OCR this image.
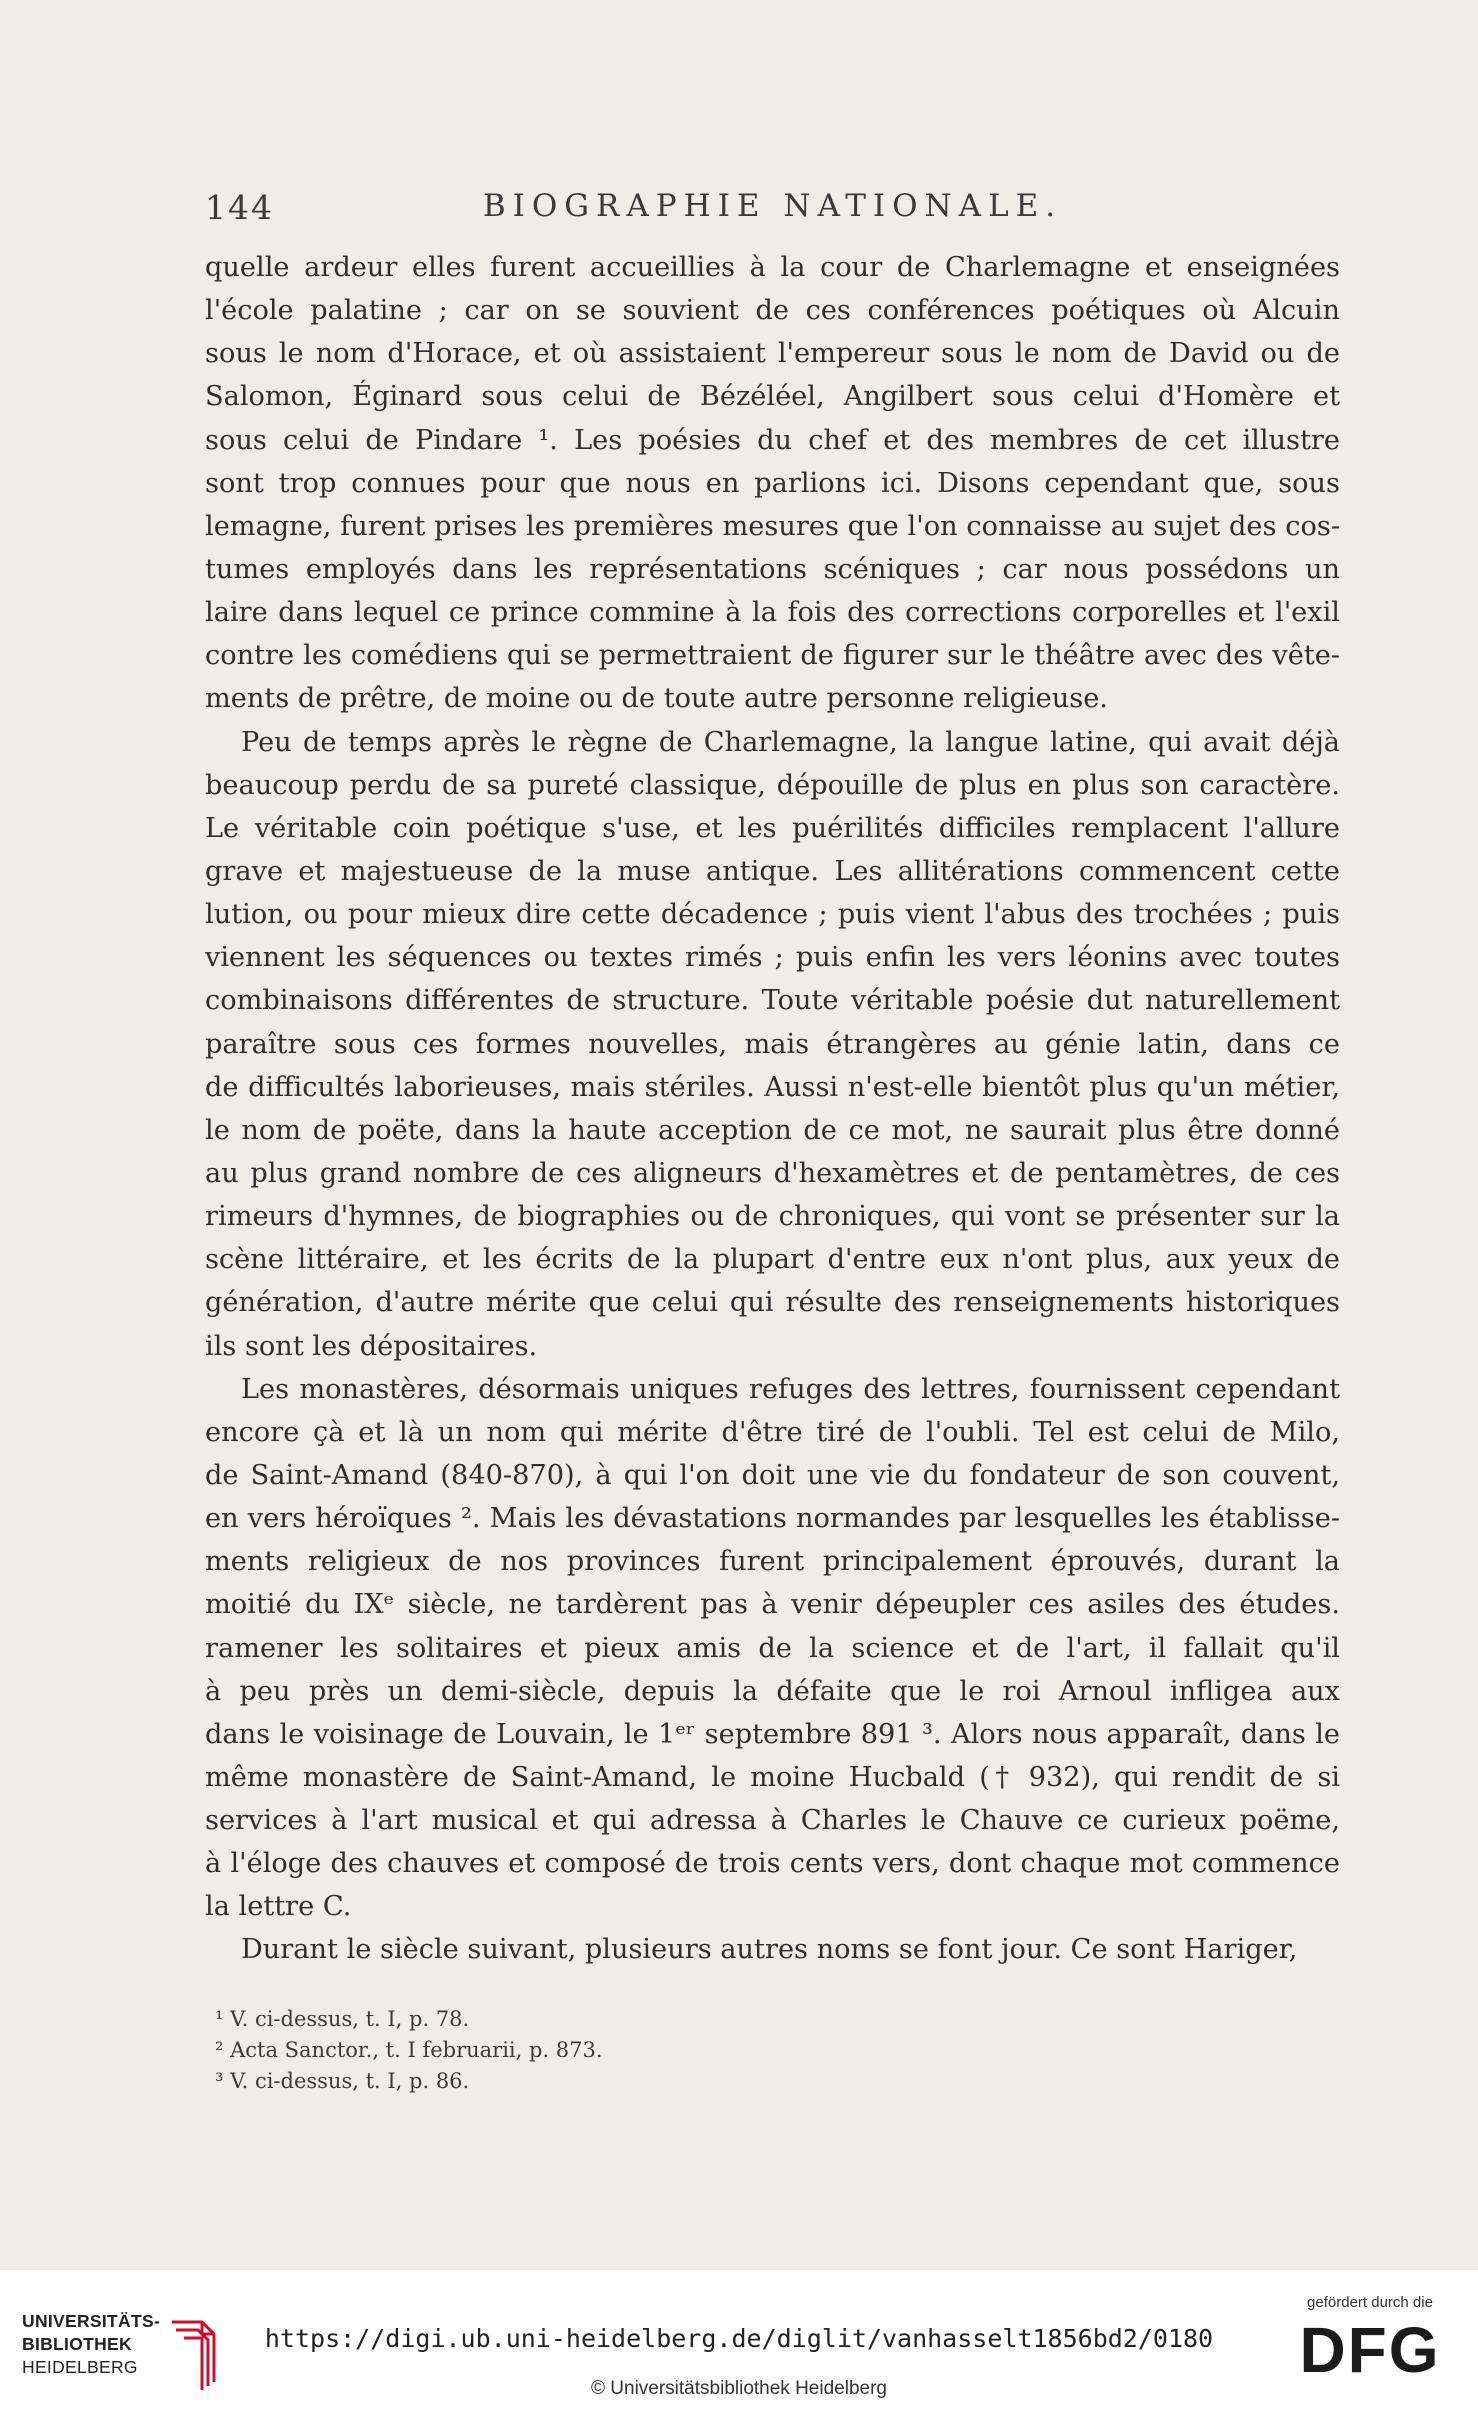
144	BIOGRAPHIE NATIONALE.
quelle ardeur elles furent accueillies à la cour de Charlemagne et enseignées
l'école palatine ; car on se souvient de ces conférences poétiques où Alcuin
sous le nom d'Horace, et où assistaient l'empereur sous le nom de David ou de
Salomon, Éginard sous celui de Bézéléel, Angilbert sous celui d'Homère et
sous celui de Pindare ¹. Les poésies du chef et des membres de cet illustre
sont trop connues pour que nous en parlions ici. Disons cependant que, sous
lemagne, furent prises les premières mesures que l'on connaisse au sujet des cos-
tumes employés dans les représentations scéniques ; car nous possédons un
laire dans lequel ce prince commine à la fois des corrections corporelles et l'exil
contre les comédiens qui se permettraient de figurer sur le théâtre avec des vête-
ments de prêtre, de moine ou de toute autre personne religieuse.
Peu de temps après le règne de Charlemagne, la langue latine, qui avait déjà
beaucoup perdu de sa pureté classique, dépouille de plus en plus son caractère.
Le véritable coin poétique s'use, et les puérilités difficiles remplacent l'allure
grave et majestueuse de la muse antique. Les allitérations commencent cette
lution, ou pour mieux dire cette décadence ; puis vient l'abus des trochées ; puis
viennent les séquences ou textes rimés ; puis enfin les vers léonins avec toutes
combinaisons différentes de structure. Toute véritable poésie dut naturellement
paraître sous ces formes nouvelles, mais étrangères au génie latin, dans ce
de difficultés laborieuses, mais stériles. Aussi n'est-elle bientôt plus qu'un métier,
le nom de poëte, dans la haute acception de ce mot, ne saurait plus être donné
au plus grand nombre de ces aligneurs d'hexamètres et de pentamètres, de ces
rimeurs d'hymnes, de biographies ou de chroniques, qui vont se présenter sur la
scène littéraire, et les écrits de la plupart d'entre eux n'ont plus, aux yeux de
génération, d'autre mérite que celui qui résulte des renseignements historiques
ils sont les dépositaires.
Les monastères, désormais uniques refuges des lettres, fournissent cependant
encore çà et là un nom qui mérite d'être tiré de l'oubli. Tel est celui de Milo,
de Saint-Amand (840-870), à qui l'on doit une vie du fondateur de son couvent,
en vers héroïques ². Mais les dévastations normandes par lesquelles les établisse-
ments religieux de nos provinces furent principalement éprouvés, durant la
moitié du IXᵉ siècle, ne tardèrent pas à venir dépeupler ces asiles des études.
ramener les solitaires et pieux amis de la science et de l'art, il fallait qu'il
à peu près un demi-siècle, depuis la défaite que le roi Arnoul infligea aux
dans le voisinage de Louvain, le 1ᵉʳ septembre 891 ³. Alors nous apparaît, dans le
même monastère de Saint-Amand, le moine Hucbald († 932), qui rendit de si
services à l'art musical et qui adressa à Charles le Chauve ce curieux poëme,
à l'éloge des chauves et composé de trois cents vers, dont chaque mot commence
la lettre C.
Durant le siècle suivant, plusieurs autres noms se font jour. Ce sont Hariger,
¹ V. ci-dessus, t. I, p. 78.
² Acta Sanctor., t. I februarii, p. 873.
³ V. ci-dessus, t. I, p. 86.
UNIVERSITÄTS-
BIBLIOTHEK
HEIDELBERG
https://digi.ub.uni-heidelberg.de/diglit/vanhasselt1856bd2/0180
© Universitätsbibliothek Heidelberg
gefördert durch die
DFG
